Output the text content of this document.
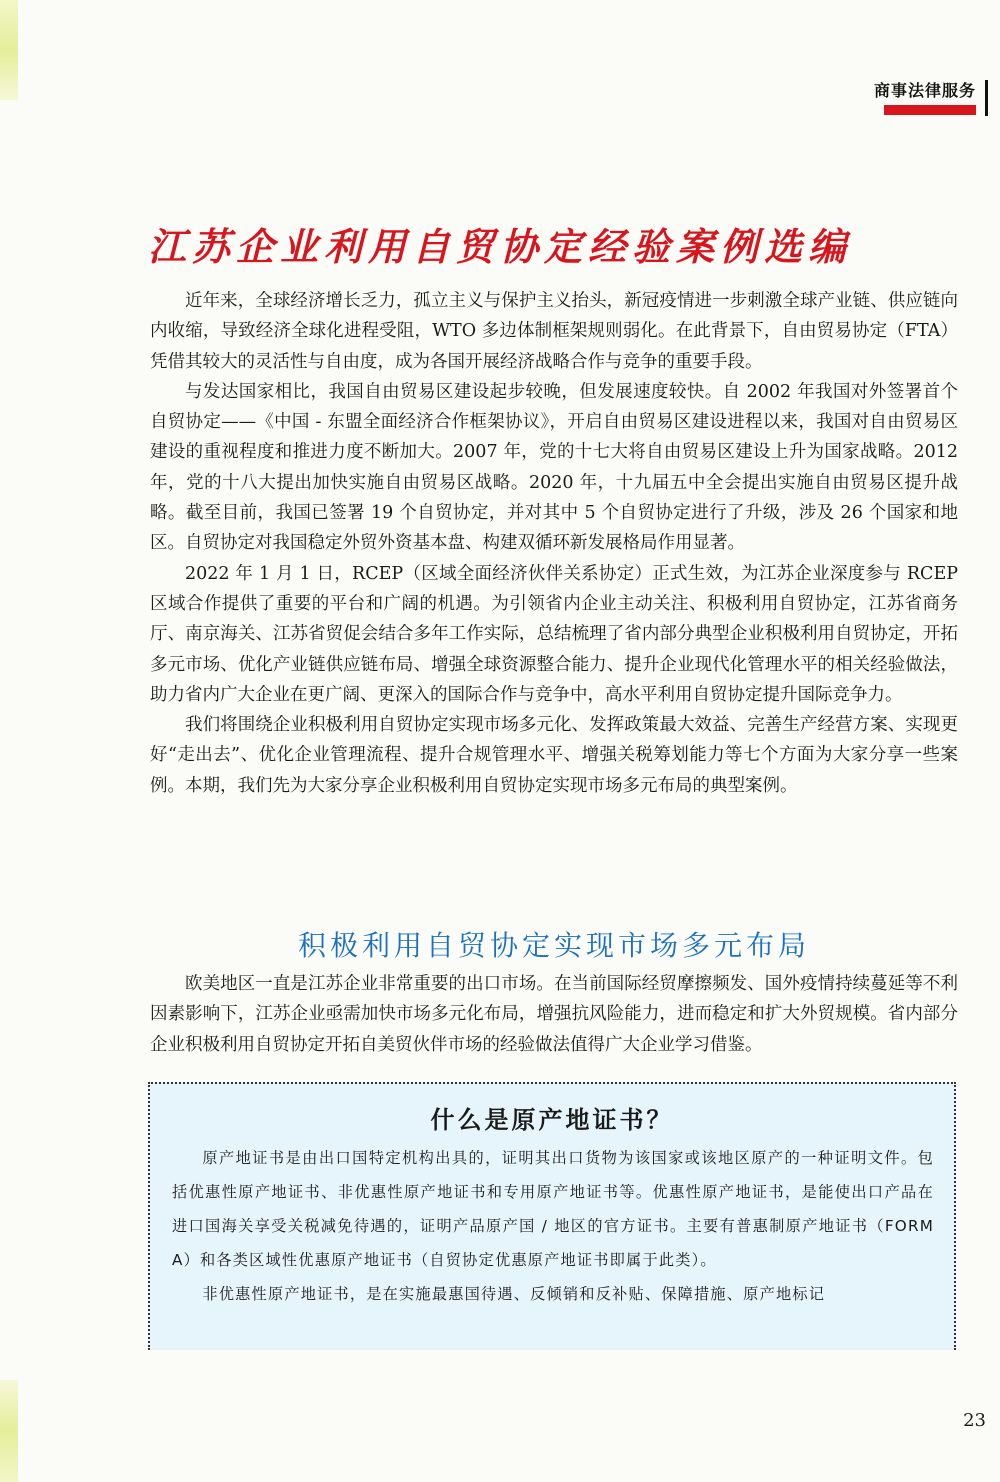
商事法律服务
江苏企业利用自贸协定经验案例选编

近年来，全球经济增长乏力，孤立主义与保护主义抬头，新冠疫情进一步刺激全球产业链、供应链向内收缩，导致经济全球化进程受阻，WTO 多边体制框架规则弱化。在此背景下，自由贸易协定（FTA）凭借其较大的灵活性与自由度，成为各国开展经济战略合作与竞争的重要手段。

与发达国家相比，我国自由贸易区建设起步较晚，但发展速度较快。自 2002 年我国对外签署首个自贸协定——《中国 - 东盟全面经济合作框架协议》，开启自由贸易区建设进程以来，我国对自由贸易区建设的重视程度和推进力度不断加大。2007 年，党的十七大将自由贸易区建设上升为国家战略。2012 年，党的十八大提出加快实施自由贸易区战略。2020 年，十九届五中全会提出实施自由贸易区提升战略。截至目前，我国已签署 19 个自贸协定，并对其中 5 个自贸协定进行了升级，涉及 26 个国家和地区。自贸协定对我国稳定外贸外资基本盘、构建双循环新发展格局作用显著。

2022 年 1 月 1 日，RCEP（区域全面经济伙伴关系协定）正式生效，为江苏企业深度参与 RCEP 区域合作提供了重要的平台和广阔的机遇。为引领省内企业主动关注、积极利用自贸协定，江苏省商务厅、南京海关、江苏省贸促会结合多年工作实际，总结梳理了省内部分典型企业积极利用自贸协定，开拓多元市场、优化产业链供应链布局、增强全球资源整合能力、提升企业现代化管理水平的相关经验做法，助力省内广大企业在更广阔、更深入的国际合作与竞争中，高水平利用自贸协定提升国际竞争力。

我们将围绕企业积极利用自贸协定实现市场多元化、发挥政策最大效益、完善生产经营方案、实现更好“走出去”、优化企业管理流程、提升合规管理水平、增强关税筹划能力等七个方面为大家分享一些案例。本期，我们先为大家分享企业积极利用自贸协定实现市场多元布局的典型案例。

积极利用自贸协定实现市场多元布局

欧美地区一直是江苏企业非常重要的出口市场。在当前国际经贸摩擦频发、国外疫情持续蔓延等不利因素影响下，江苏企业亟需加快市场多元化布局，增强抗风险能力，进而稳定和扩大外贸规模。省内部分企业积极利用自贸协定开拓自美贸伙伴市场的经验做法值得广大企业学习借鉴。

什么是原产地证书？

原产地证书是由出口国特定机构出具的，证明其出口货物为该国家或该地区原产的一种证明文件。包括优惠性原产地证书、非优惠性原产地证书和专用原产地证书等。优惠性原产地证书，是能使出口产品在进口国海关享受关税减免待遇的，证明产品原产国 / 地区的官方证书。主要有普惠制原产地证书（FORM A）和各类区域性优惠原产地证书（自贸协定优惠原产地证书即属于此类）。

非优惠性原产地证书，是在实施最惠国待遇、反倾销和反补贴、保障措施、原产地标记

23
